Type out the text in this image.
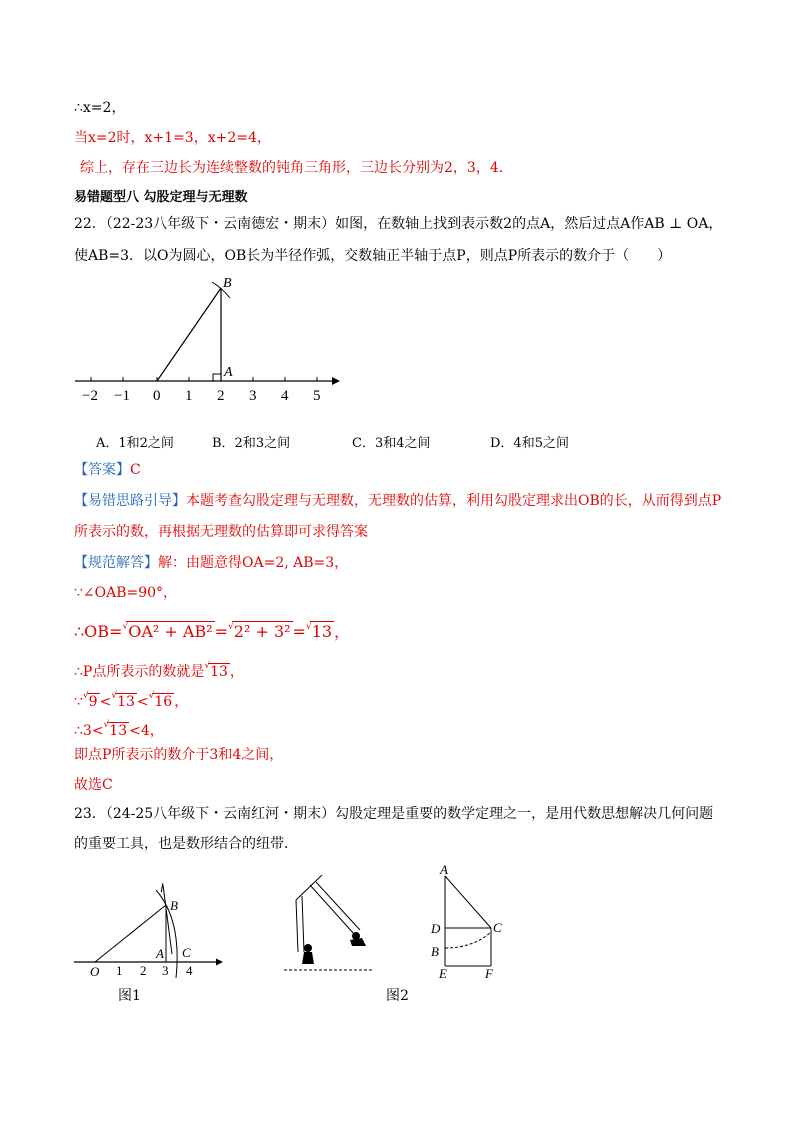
∴x=2，
当x=2时，x+1=3，x+2=4，
综上，存在三边长为连续整数的钝角三角形，三边长分别为2，3，4．
易错题型八 勾股定理与无理数
22．（22-23八年级下・云南德宏・期末）如图，在数轴上找到表示数2的点A，然后过点A作AB ⊥ OA，
使AB=3．以O为圆心，OB长为半径作弧，交数轴正半轴于点P，则点P所表示的数介于（　　）
−2 −1 0 1 2 3 4 5
B
A
A．1和2之间	B．2和3之间	C．3和4之间	D．4和5之间
【答案】C
【易错思路引导】本题考查勾股定理与无理数，无理数的估算，利用勾股定理求出OB的长，从而得到点P
所表示的数，再根据无理数的估算即可求得答案
【规范解答】解：由题意得OA=2, AB=3，
∵∠OAB=90°，
∴OB=√OA² + AB² =√2² + 3² =√13 ，
∴P点所表示的数就是√13 ，
∵√9 <√13 <√16 ，
∴3<√13 <4，
即点P所表示的数介于3和4之间，
故选C
23．（24-25八年级下・云南红河・期末）勾股定理是重要的数学定理之一，是用代数思想解决几何问题
的重要工具，也是数形结合的纽带．
O 1 2 3
A
4
B
C
l
图1
A
D	C
B
E	F
图2
